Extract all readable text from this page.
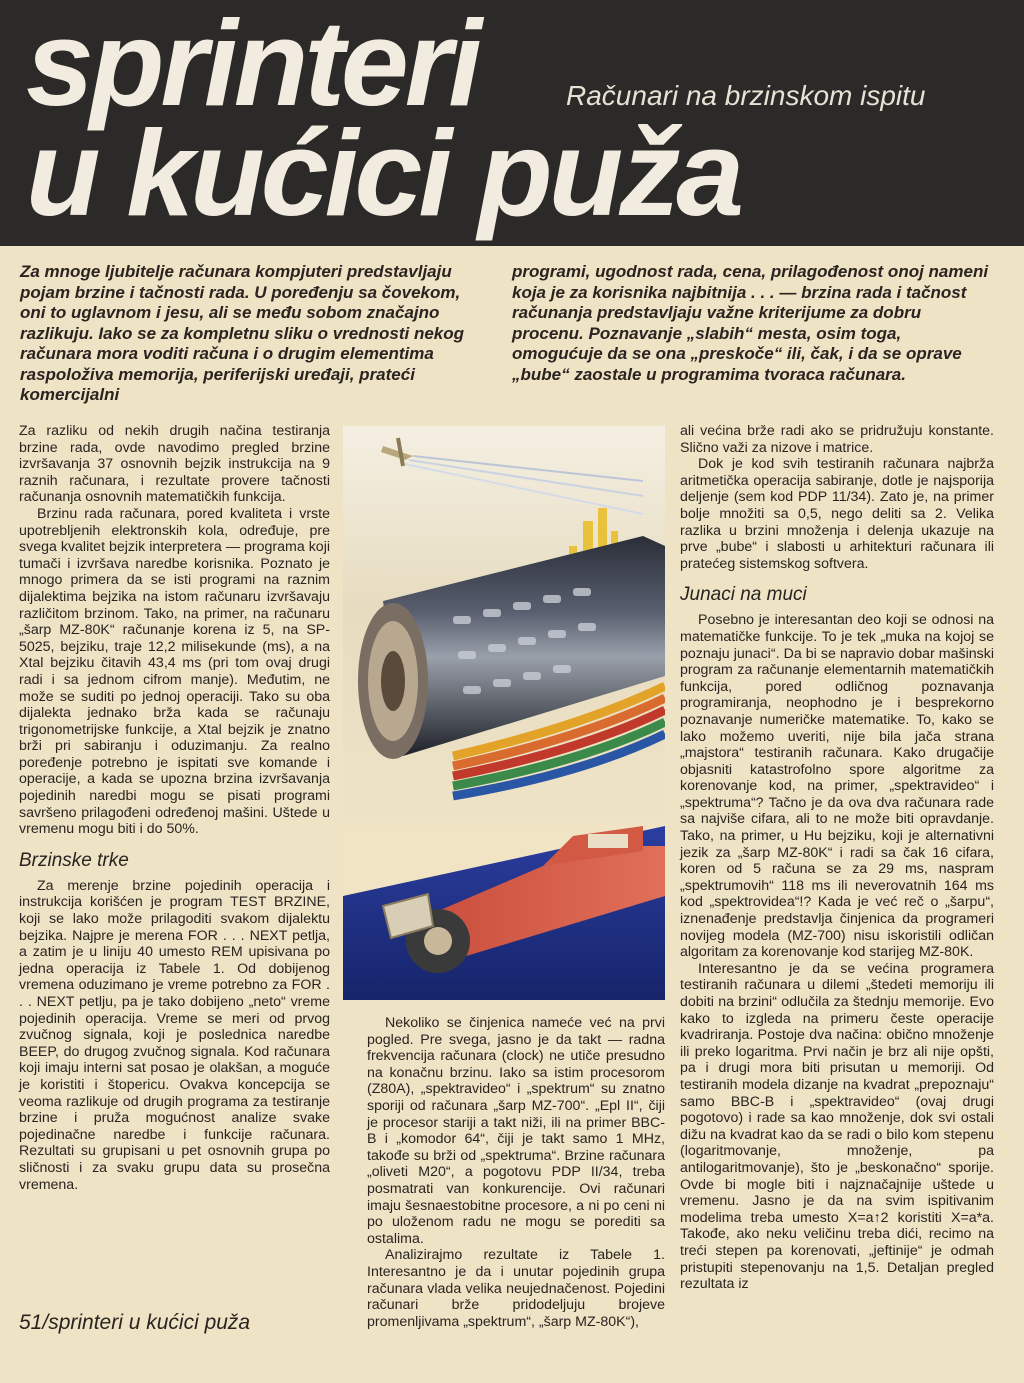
sprinteri
u kućici puža
Računari na brzinskom ispitu
Za mnoge ljubitelje računara kompjuteri predstavljaju pojam brzine i tačnosti rada. U poređenju sa čovekom, oni to uglavnom i jesu, ali se među sobom značajno razlikuju. Iako se za kompletnu sliku o vrednosti nekog računara mora voditi računa i o drugim elementima raspoloživa memorija, periferijski uređaji, prateći komercijalni
programi, ugodnost rada, cena, prilagođenost onoj nameni koja je za korisnika najbitnija . . . — brzina rada i tačnost računanja predstavljaju važne kriterijume za dobru procenu. Poznavanje „slabih“ mesta, osim toga, omogućuje da se ona „preskoče“ ili, čak, i da se oprave „bube“ zaostale u programima tvoraca računara.

Za razliku od nekih drugih načina testiranja brzine rada, ovde navodimo pregled brzine izvršavanja 37 osnovnih bejzik instrukcija na 9 raznih računara, i rezultate provere tačnosti računanja osnovnih matematičkih funkcija.

Brzinu rada računara, pored kvaliteta i vrste upotrebljenih elektronskih kola, određuje, pre svega kvalitet bejzik interpretera — programa koji tumači i izvršava naredbe korisnika. Poznato je mnogo primera da se isti programi na raznim dijalektima bejzika na istom računaru izvršavaju različitom brzinom. Tako, na primer, na računaru „šarp MZ-80K“ računanje korena iz 5, na SP-5025, bejziku, traje 12,2 milisekunde (ms), a na Xtal bejziku čitavih 43,4 ms (pri tom ovaj drugi radi i sa jednom cifrom manje). Međutim, ne može se suditi po jednoj operaciji. Tako su oba dijalekta jednako brža kada se računaju trigonometrijske funkcije, a Xtal bejzik je znatno brži pri sabiranju i oduzimanju. Za realno poređenje potrebno je ispitati sve komande i operacije, a kada se upozna brzina izvršavanja pojedinih naredbi mogu se pisati programi savršeno prilagođeni određenoj mašini. Uštede u vremenu mogu biti i do 50%.

Brzinske trke

Za merenje brzine pojedinih operacija i instrukcija korišćen je program TEST BRZINE, koji se lako može prilagoditi svakom dijalektu bejzika. Najpre je merena FOR . . . NEXT petlja, a zatim je u liniju 40 umesto REM upisivana po jedna operacija iz Tabele 1. Od dobijenog vremena oduzimano je vreme potrebno za FOR . . . NEXT petlju, pa je tako dobijeno „neto“ vreme pojedinih operacija. Vreme se meri od prvog zvučnog signala, koji je poslednica naredbe BEEP, do drugog zvučnog signala. Kod računara koji imaju interni sat posao je olakšan, a moguće je koristiti i štopericu. Ovakva koncepcija se veoma razlikuje od drugih programa za testiranje brzine i pruža mogućnost analize svake pojedinačne naredbe i funkcije računara. Rezultati su grupisani u pet osnovnih grupa po sličnosti i za svaku grupu data su prosečna vremena.

Nekoliko se činjenica nameće već na prvi pogled. Pre svega, jasno je da takt — radna frekvencija računara (clock) ne utiče presudno na konačnu brzinu. Iako sa istim procesorom (Z80A), „spektravideo“ i „spektrum“ su znatno sporiji od računara „šarp MZ-700“. „Epl II“, čiji je procesor stariji a takt niži, ili na primer BBC-B i „komodor 64“, čiji je takt samo 1 MHz, takođe su brži od „spektruma“. Brzine računara „oliveti M20“, a pogotovu PDP II/34, treba posmatrati van konkurencije. Ovi računari imaju šesnaestobitne procesore, a ni po ceni ni po uloženom radu ne mogu se porediti sa ostalima.

Analizirajmo rezultate iz Tabele 1. Interesantno je da i unutar pojedinih grupa računara vlada velika neujednačenost. Pojedini računari brže pridodeljuju brojeve promenljivama „spektrum“, „šarp MZ-80K“),

ali većina brže radi ako se pridružuju konstante. Slično važi za nizove i matrice.

Dok je kod svih testiranih računara najbrža aritmetička operacija sabiranje, dotle je najsporija deljenje (sem kod PDP 11/34). Zato je, na primer bolje množiti sa 0,5, nego deliti sa 2. Velika razlika u brzini množenja i delenja ukazuje na prve „bube“ i slabosti u arhitekturi računara ili pratećeg sistemskog softvera.

Junaci na muci

Posebno je interesantan deo koji se odnosi na matematičke funkcije. To je tek „muka na kojoj se poznaju junaci“. Da bi se napravio dobar mašinski program za računanje elementarnih matematičkih funkcija, pored odličnog poznavanja programiranja, neophodno je i besprekorno poznavanje numeričke matematike. To, kako se lako možemo uveriti, nije bila jača strana „majstora“ testiranih računara. Kako drugačije objasniti katastrofolno spore algoritme za korenovanje kod, na primer, „spektravideo“ i „spektruma“? Tačno je da ova dva računara rade sa najviše cifara, ali to ne može biti opravdanje. Tako, na primer, u Hu bejziku, koji je alternativni jezik za „šarp MZ-80K“ i radi sa čak 16 cifara, koren od 5 računa se za 29 ms, naspram „spektrumovih“ 118 ms ili neverovatnih 164 ms kod „spektrovidea“!? Kada je već reč o „šarpu“, iznenađenje predstavlja činjenica da programeri novijeg modela (MZ-700) nisu iskoristili odličan algoritam za korenovanje kod starijeg MZ-80K.

Interesantno je da se većina programera testiranih računara u dilemi „štedeti memoriju ili dobiti na brzini“ odlučila za štednju memorije. Evo kako to izgleda na primeru česte operacije kvadriranja. Postoje dva načina: obično množenje ili preko logaritma. Prvi način je brz ali nije opšti, pa i drugi mora biti prisutan u memoriji. Od testiranih modela dizanje na kvadrat „prepoznaju“ samo BBC-B i „spektravideo“ (ovaj drugi pogotovo) i rade sa kao množenje, dok svi ostali dižu na kvadrat kao da se radi o bilo kom stepenu (logaritmovanje, množenje, pa antilogaritmovanje), što je „beskonačno“ sporije. Ovde bi mogle biti i najznačajnije uštede u vremenu. Jasno je da na svim ispitivanim modelima treba umesto X=a↑2 koristiti X=a*a. Takođe, ako neku veličinu treba dići, recimo na treći stepen pa korenovati, „jeftinije“ je odmah pristupiti stepenovanju na 1,5. Detaljan pregled rezultata iz

51/sprinteri u kućici puža
